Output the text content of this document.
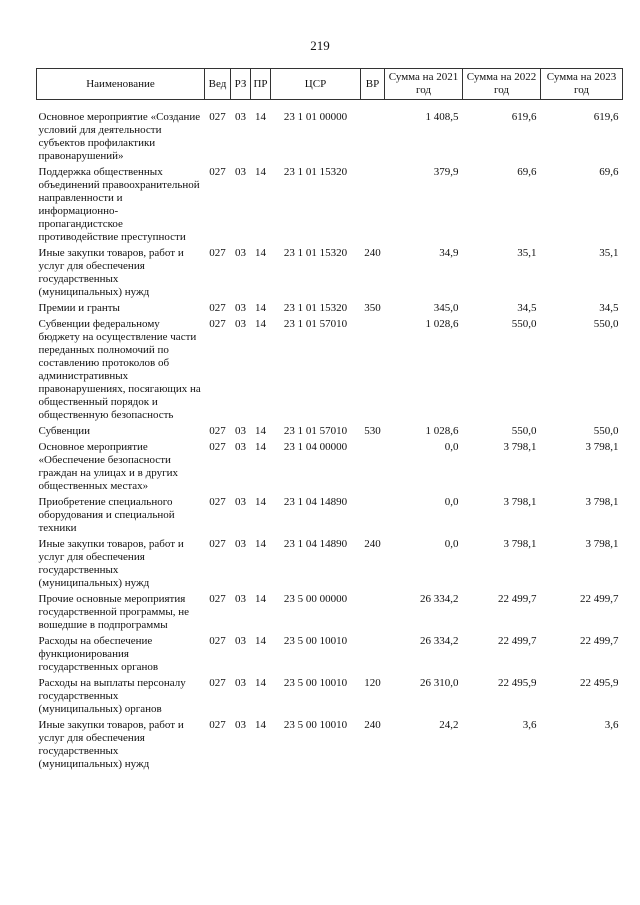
219
Наименование	Вед	РЗ	ПР	ЦСР	ВР	Сумма на 2021 год	Сумма на 2022 год	Сумма на 2023 год
Основное мероприятие «Создание условий для деятельности субъектов профилактики правонарушений»	027	03	14	23 1 01 00000		1 408,5	619,6	619,6
Поддержка общественных объединений правоохранительной направленности и информационно-пропагандистское противодействие преступности	027	03	14	23 1 01 15320		379,9	69,6	69,6
Иные закупки товаров, работ и услуг для обеспечения государственных (муниципальных) нужд	027	03	14	23 1 01 15320	240	34,9	35,1	35,1
Премии и гранты	027	03	14	23 1 01 15320	350	345,0	34,5	34,5
Субвенции федеральному бюджету на осуществление части переданных полномочий по составлению протоколов об административных правонарушениях, посягающих на общественный порядок и общественную безопасность	027	03	14	23 1 01 57010		1 028,6	550,0	550,0
Субвенции	027	03	14	23 1 01 57010	530	1 028,6	550,0	550,0
Основное мероприятие «Обеспечение безопасности граждан на улицах и в других общественных местах»	027	03	14	23 1 04 00000		0,0	3 798,1	3 798,1
Приобретение специального оборудования и специальной техники	027	03	14	23 1 04 14890		0,0	3 798,1	3 798,1
Иные закупки товаров, работ и услуг для обеспечения государственных (муниципальных) нужд	027	03	14	23 1 04 14890	240	0,0	3 798,1	3 798,1
Прочие основные мероприятия государственной программы, не вошедшие в подпрограммы	027	03	14	23 5 00 00000		26 334,2	22 499,7	22 499,7
Расходы на обеспечение функционирования государственных органов	027	03	14	23 5 00 10010		26 334,2	22 499,7	22 499,7
Расходы на выплаты персоналу государственных (муниципальных) органов	027	03	14	23 5 00 10010	120	26 310,0	22 495,9	22 495,9
Иные закупки товаров, работ и услуг для обеспечения государственных (муниципальных) нужд	027	03	14	23 5 00 10010	240	24,2	3,6	3,6
